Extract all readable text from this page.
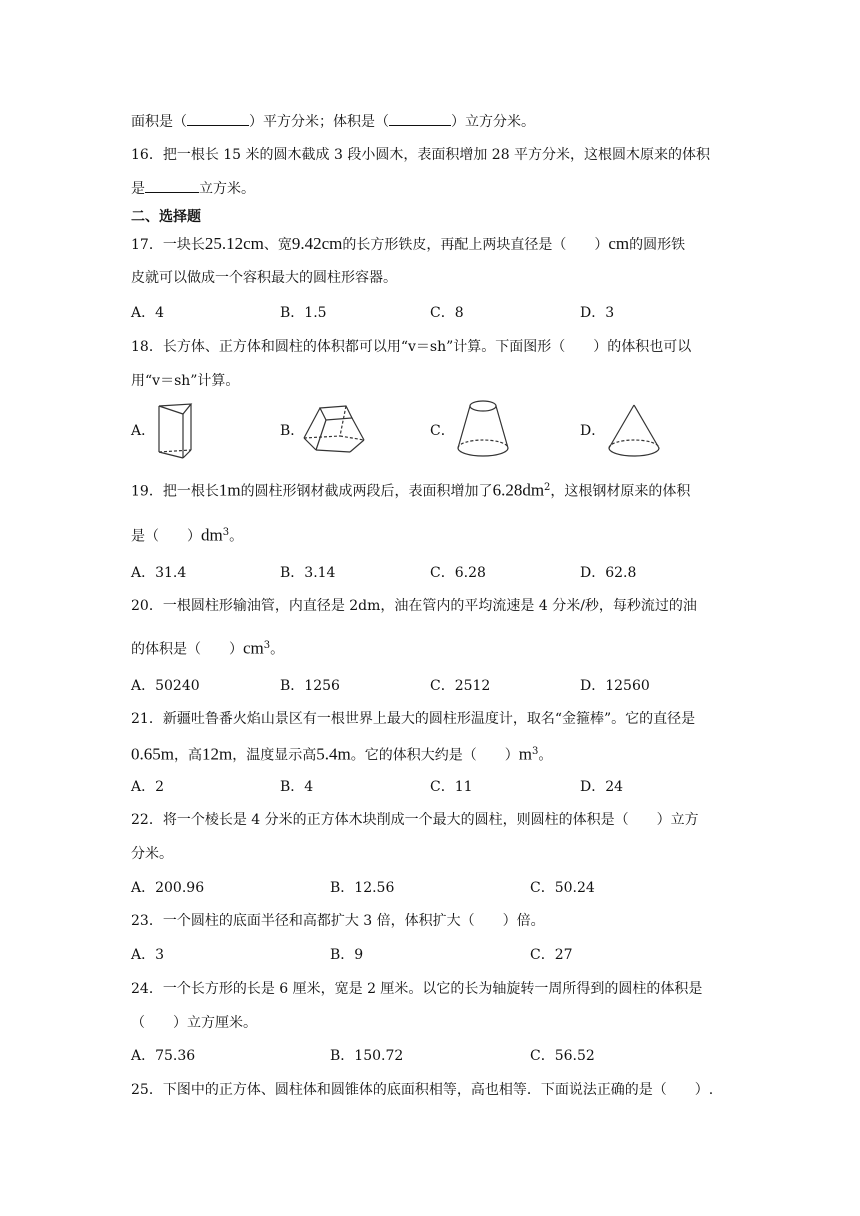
面积是（	）平方分米；体积是（	）立方分米。
16．把一根长 15 米的圆木截成 3 段小圆木，表面积增加 28 平方分米，这根圆木原来的体积
是	立方米。
二、选择题
17．一块长25.12cm、宽9.42cm的长方形铁皮，再配上两块直径是（ ）cm的圆形铁
皮就可以做成一个容积最大的圆柱形容器。
A．4	B．1.5	C．8	D．3
18．长方体、正方体和圆柱的体积都可以用“v＝sh”计算。下面图形（　　）的体积也可以
用“v＝sh”计算。
A．	B．	C．	D．
19．把一根长1m的圆柱形钢材截成两段后，表面积增加了$6.28dm^2$，这根钢材原来的体积
是（　　）$dm^3$。
A．31.4	B．3.14	C．6.28	D．62.8
20．一根圆柱形输油管，内直径是 2dm，油在管内的平均流速是 4 分米/秒，每秒流过的油
的体积是（　　）$cm^3$。
A．50240	B．1256	C．2512	D．12560
21．新疆吐鲁番火焰山景区有一根世界上最大的圆柱形温度计，取名“金箍棒”。它的直径是
0.65m，高12m，温度显示高5.4m。它的体积大约是（　　）$m^3$。
A．2	B．4	C．11	D．24
22．将一个棱长是 4 分米的正方体木块削成一个最大的圆柱，则圆柱的体积是（　　）立方
分米。
A．200.96	B．12.56	C．50.24
23．一个圆柱的底面半径和高都扩大 3 倍，体积扩大（　　）倍。
A．3	B．9	C．27
24．一个长方形的长是 6 厘米，宽是 2 厘米。以它的长为轴旋转一周所得到的圆柱的体积是
（　　）立方厘米。
A．75.36	B．150.72	C．56.52
25．下图中的正方体、圆柱体和圆锥体的底面积相等，高也相等．下面说法正确的是（　　）.
